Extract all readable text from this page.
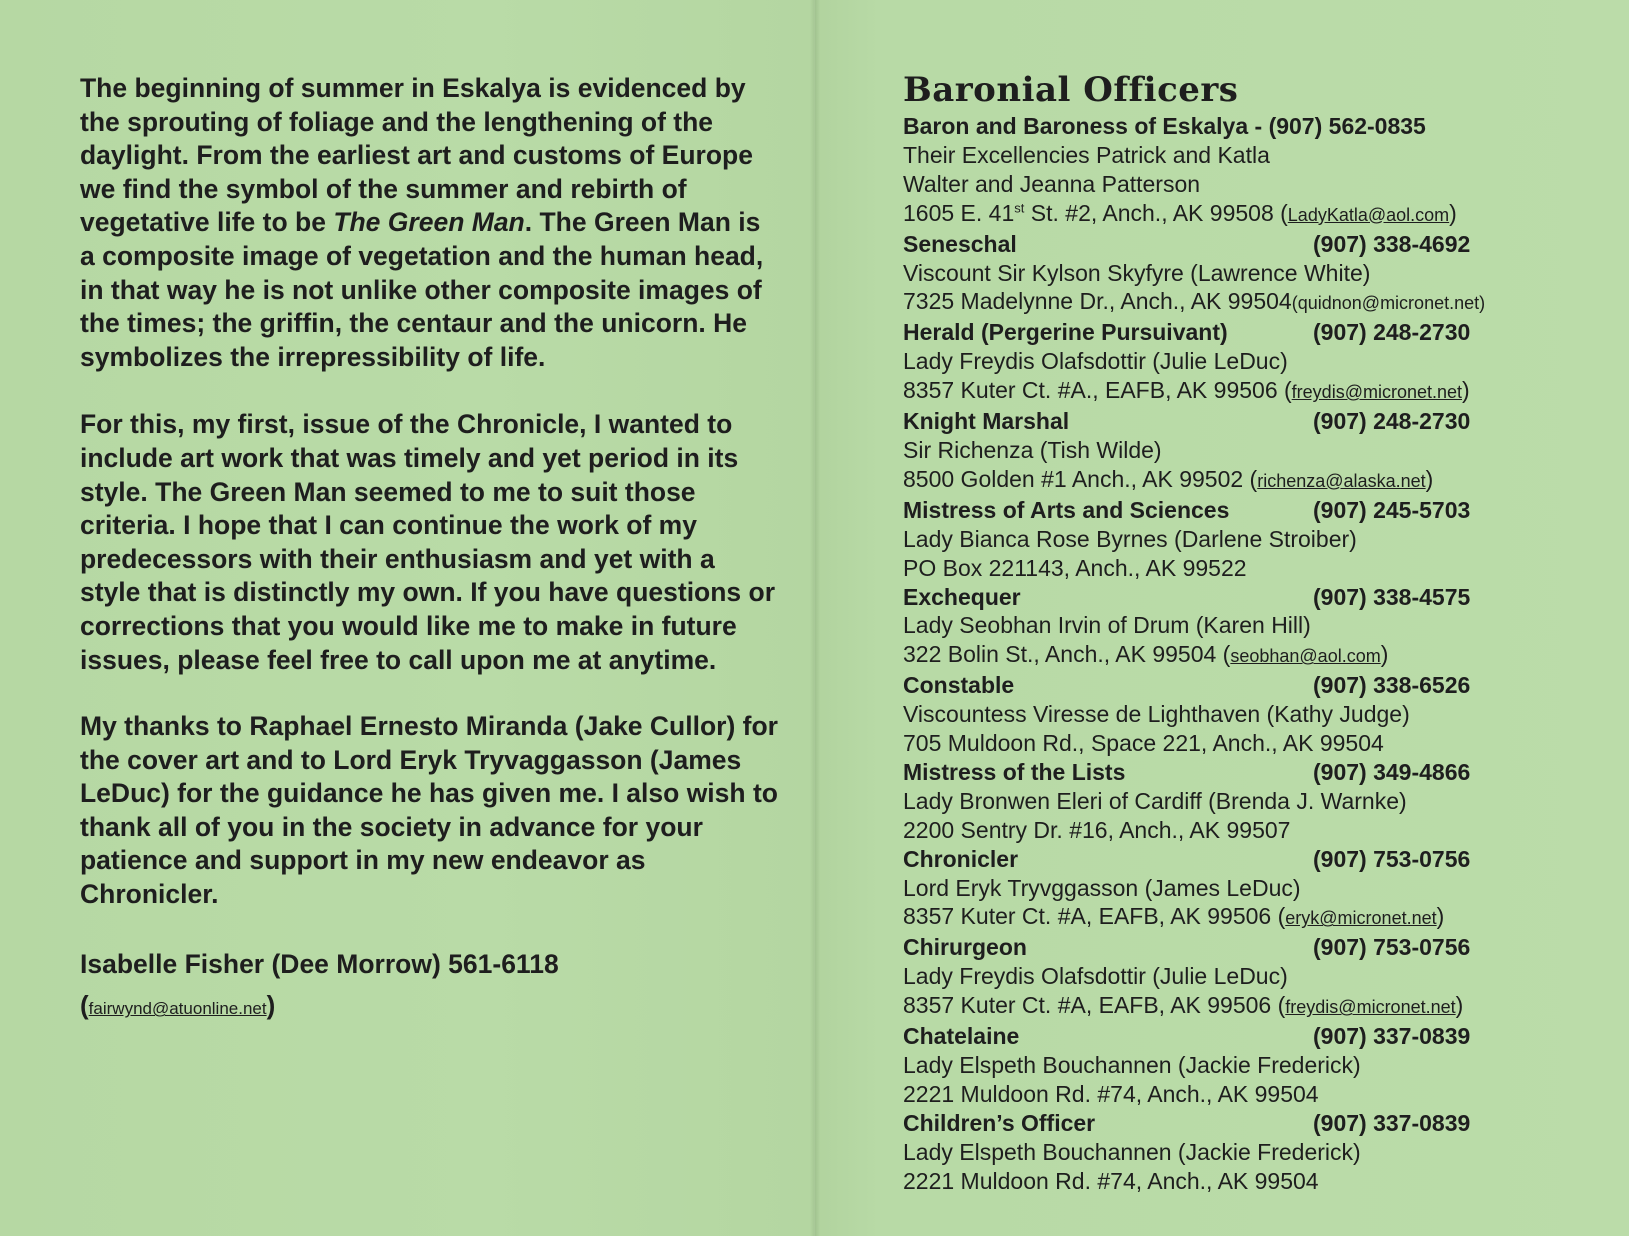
The beginning of summer in Eskalya is evidenced by the sprouting of foliage and the lengthening of the daylight. From the earliest art and customs of Europe we find the symbol of the summer and rebirth of vegetative life to be The Green Man. The Green Man is a composite image of vegetation and the human head, in that way he is not unlike other composite images of the times; the griffin, the centaur and the unicorn. He symbolizes the irrepressibility of life.

For this, my first, issue of the Chronicle, I wanted to include art work that was timely and yet period in its style. The Green Man seemed to me to suit those criteria. I hope that I can continue the work of my predecessors with their enthusiasm and yet with a style that is distinctly my own. If you have questions or corrections that you would like me to make in future issues, please feel free to call upon me at anytime.

My thanks to Raphael Ernesto Miranda (Jake Cullor) for the cover art and to Lord Eryk Tryvaggasson (James LeDuc) for the guidance he has given me. I also wish to thank all of you in the society in advance for your patience and support in my new endeavor as Chronicler.

Isabelle Fisher (Dee Morrow) 561-6118
(fairwynd@atuonline.net)
Baronial Officers
Baron and Baroness of Eskalya - (907) 562-0835
Their Excellencies Patrick and Katla
Walter and Jeanna Patterson
1605 E. 41st St. #2, Anch., AK 99508 (LadyKatla@aol.com)
Seneschal	(907) 338-4692
Viscount Sir Kylson Skyfyre (Lawrence White)
7325 Madelynne Dr., Anch., AK 99504(quidnon@micronet.net)
Herald (Pergerine Pursuivant)	(907) 248-2730
Lady Freydis Olafsdottir (Julie LeDuc)
8357 Kuter Ct. #A., EAFB, AK 99506 (freydis@micronet.net)
Knight Marshal	(907) 248-2730
Sir Richenza (Tish Wilde)
8500 Golden #1 Anch., AK 99502 (richenza@alaska.net)
Mistress of Arts and Sciences	(907) 245-5703
Lady Bianca Rose Byrnes (Darlene Stroiber)
PO Box 221143, Anch., AK 99522
Exchequer	(907) 338-4575
Lady Seobhan Irvin of Drum (Karen Hill)
322 Bolin St., Anch., AK 99504 (seobhan@aol.com)
Constable	(907) 338-6526
Viscountess Viresse de Lighthaven (Kathy Judge)
705 Muldoon Rd., Space 221, Anch., AK 99504
Mistress of the Lists	(907) 349-4866
Lady Bronwen Eleri of Cardiff (Brenda J. Warnke)
2200 Sentry Dr. #16, Anch., AK 99507
Chronicler	(907) 753-0756
Lord Eryk Tryvggasson (James LeDuc)
8357 Kuter Ct. #A, EAFB, AK 99506 (eryk@micronet.net)
Chirurgeon	(907) 753-0756
Lady Freydis Olafsdottir (Julie LeDuc)
8357 Kuter Ct. #A, EAFB, AK 99506 (freydis@micronet.net)
Chatelaine	(907) 337-0839
Lady Elspeth Bouchannen (Jackie Frederick)
2221 Muldoon Rd. #74, Anch., AK 99504
Children’s Officer	(907) 337-0839
Lady Elspeth Bouchannen (Jackie Frederick)
2221 Muldoon Rd. #74, Anch., AK 99504
